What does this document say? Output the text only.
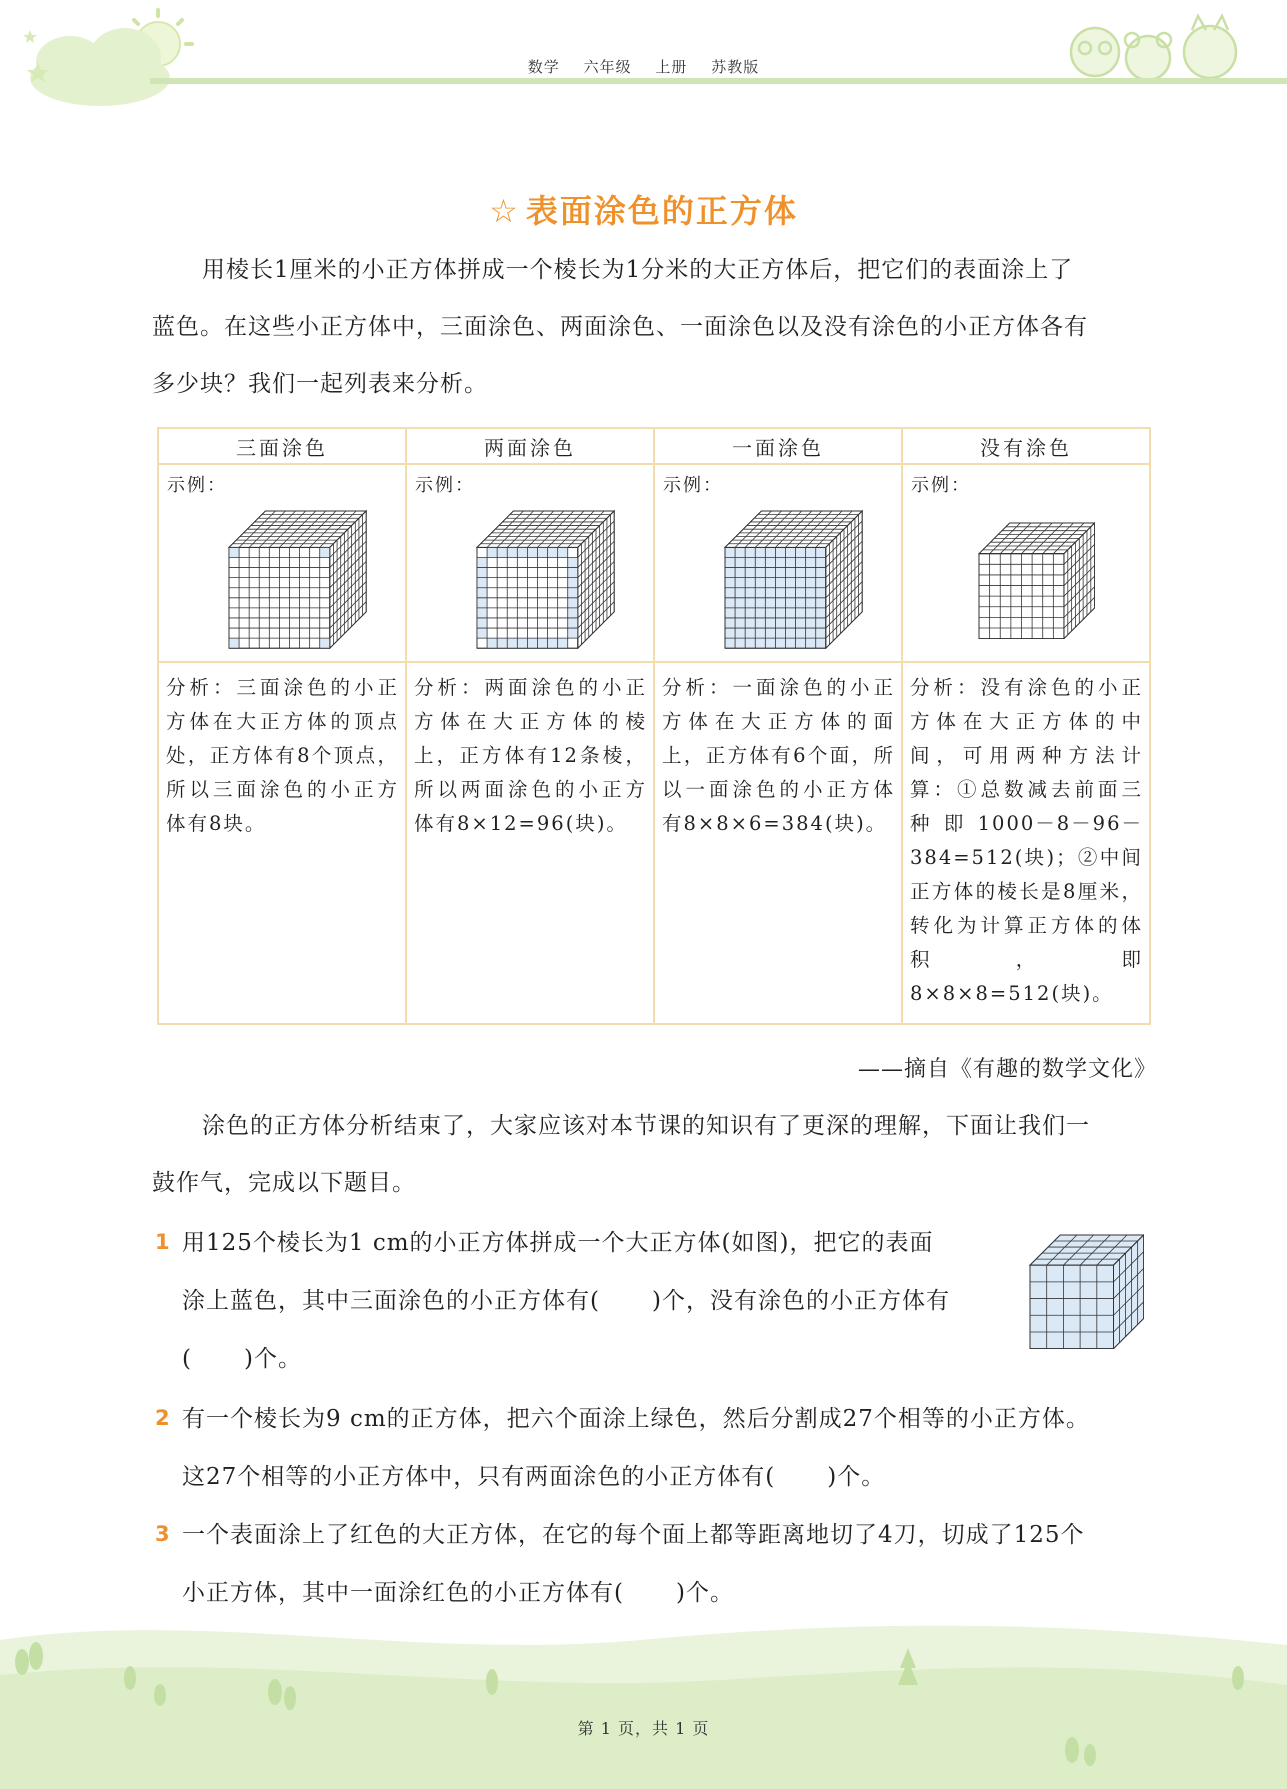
数学 六年级 上册 苏教版
☆ 表面涂色的正方体
用棱长1厘米的小正方体拼成一个棱长为1分米的大正方体后，把它们的表面涂上了
蓝色。在这些小正方体中，三面涂色、两面涂色、一面涂色以及没有涂色的小正方体各有
多少块？我们一起列表来分析。
三面涂色	两面涂色	一面涂色	没有涂色

示例：	示例：	示例：	示例：

分析：三面涂色的小正方体在大正方体的顶点处，正方体有8个顶点，所以三面涂色的小正方体有8块。	分析：两面涂色的小正方体在大正方体的棱上，正方体有12条棱，所以两面涂色的小正方体有8×12=96(块)。	分析：一面涂色的小正方体在大正方体的面上，正方体有6个面，所以一面涂色的小正方体有8×8×6=384(块)。	分析：没有涂色的小正方体在大正方体的中间，可用两种方法计算：①总数减去前面三种即1000－8－96－384=512(块)；②中间正方体的棱长是8厘米，转化为计算正方体的体积，即8×8×8=512(块)。
——摘自《有趣的数学文化》
涂色的正方体分析结束了，大家应该对本节课的知识有了更深的理解，下面让我们一
鼓作气，完成以下题目。
1 用125个棱长为1 cm的小正方体拼成一个大正方体(如图)，把它的表面
涂上蓝色，其中三面涂色的小正方体有( )个，没有涂色的小正方体有
( )个。
2 有一个棱长为9 cm的正方体，把六个面涂上绿色，然后分割成27个相等的小正方体。
这27个相等的小正方体中，只有两面涂色的小正方体有( )个。
3 一个表面涂上了红色的大正方体，在它的每个面上都等距离地切了4刀，切成了125个
小正方体，其中一面涂红色的小正方体有( )个。
第 1 页，共 1 页
